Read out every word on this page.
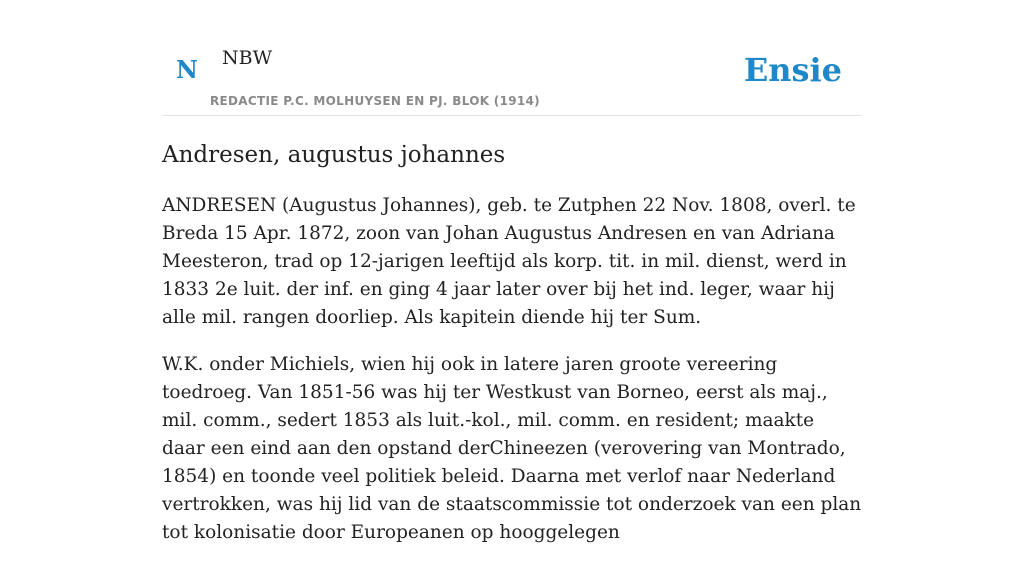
N NBW
REDACTIE P.C. MOLHUYSEN EN PJ. BLOK (1914)
Ensie
Andresen, augustus johannes

ANDRESEN (Augustus Johannes), geb. te Zutphen 22 Nov. 1808, overl. te Breda 15 Apr. 1872, zoon van Johan Augustus Andresen en van Adriana Meesteron, trad op 12-jarigen leeftijd als korp. tit. in mil. dienst, werd in 1833 2e luit. der inf. en ging 4 jaar later over bij het ind. leger, waar hij alle mil. rangen doorliep. Als kapitein diende hij ter Sum.

W.K. onder Michiels, wien hij ook in latere jaren groote vereering toedroeg. Van 1851-56 was hij ter Westkust van Borneo, eerst als maj., mil. comm., sedert 1853 als luit.-kol., mil. comm. en resident; maakte daar een eind aan den opstand derChineezen (verovering van Montrado, 1854) en toonde veel politiek beleid. Daarna met verlof naar Nederland vertrokken, was hij lid van de staatscommissie tot onderzoek van een plan tot kolonisatie door Europeanen op hooggelegen
